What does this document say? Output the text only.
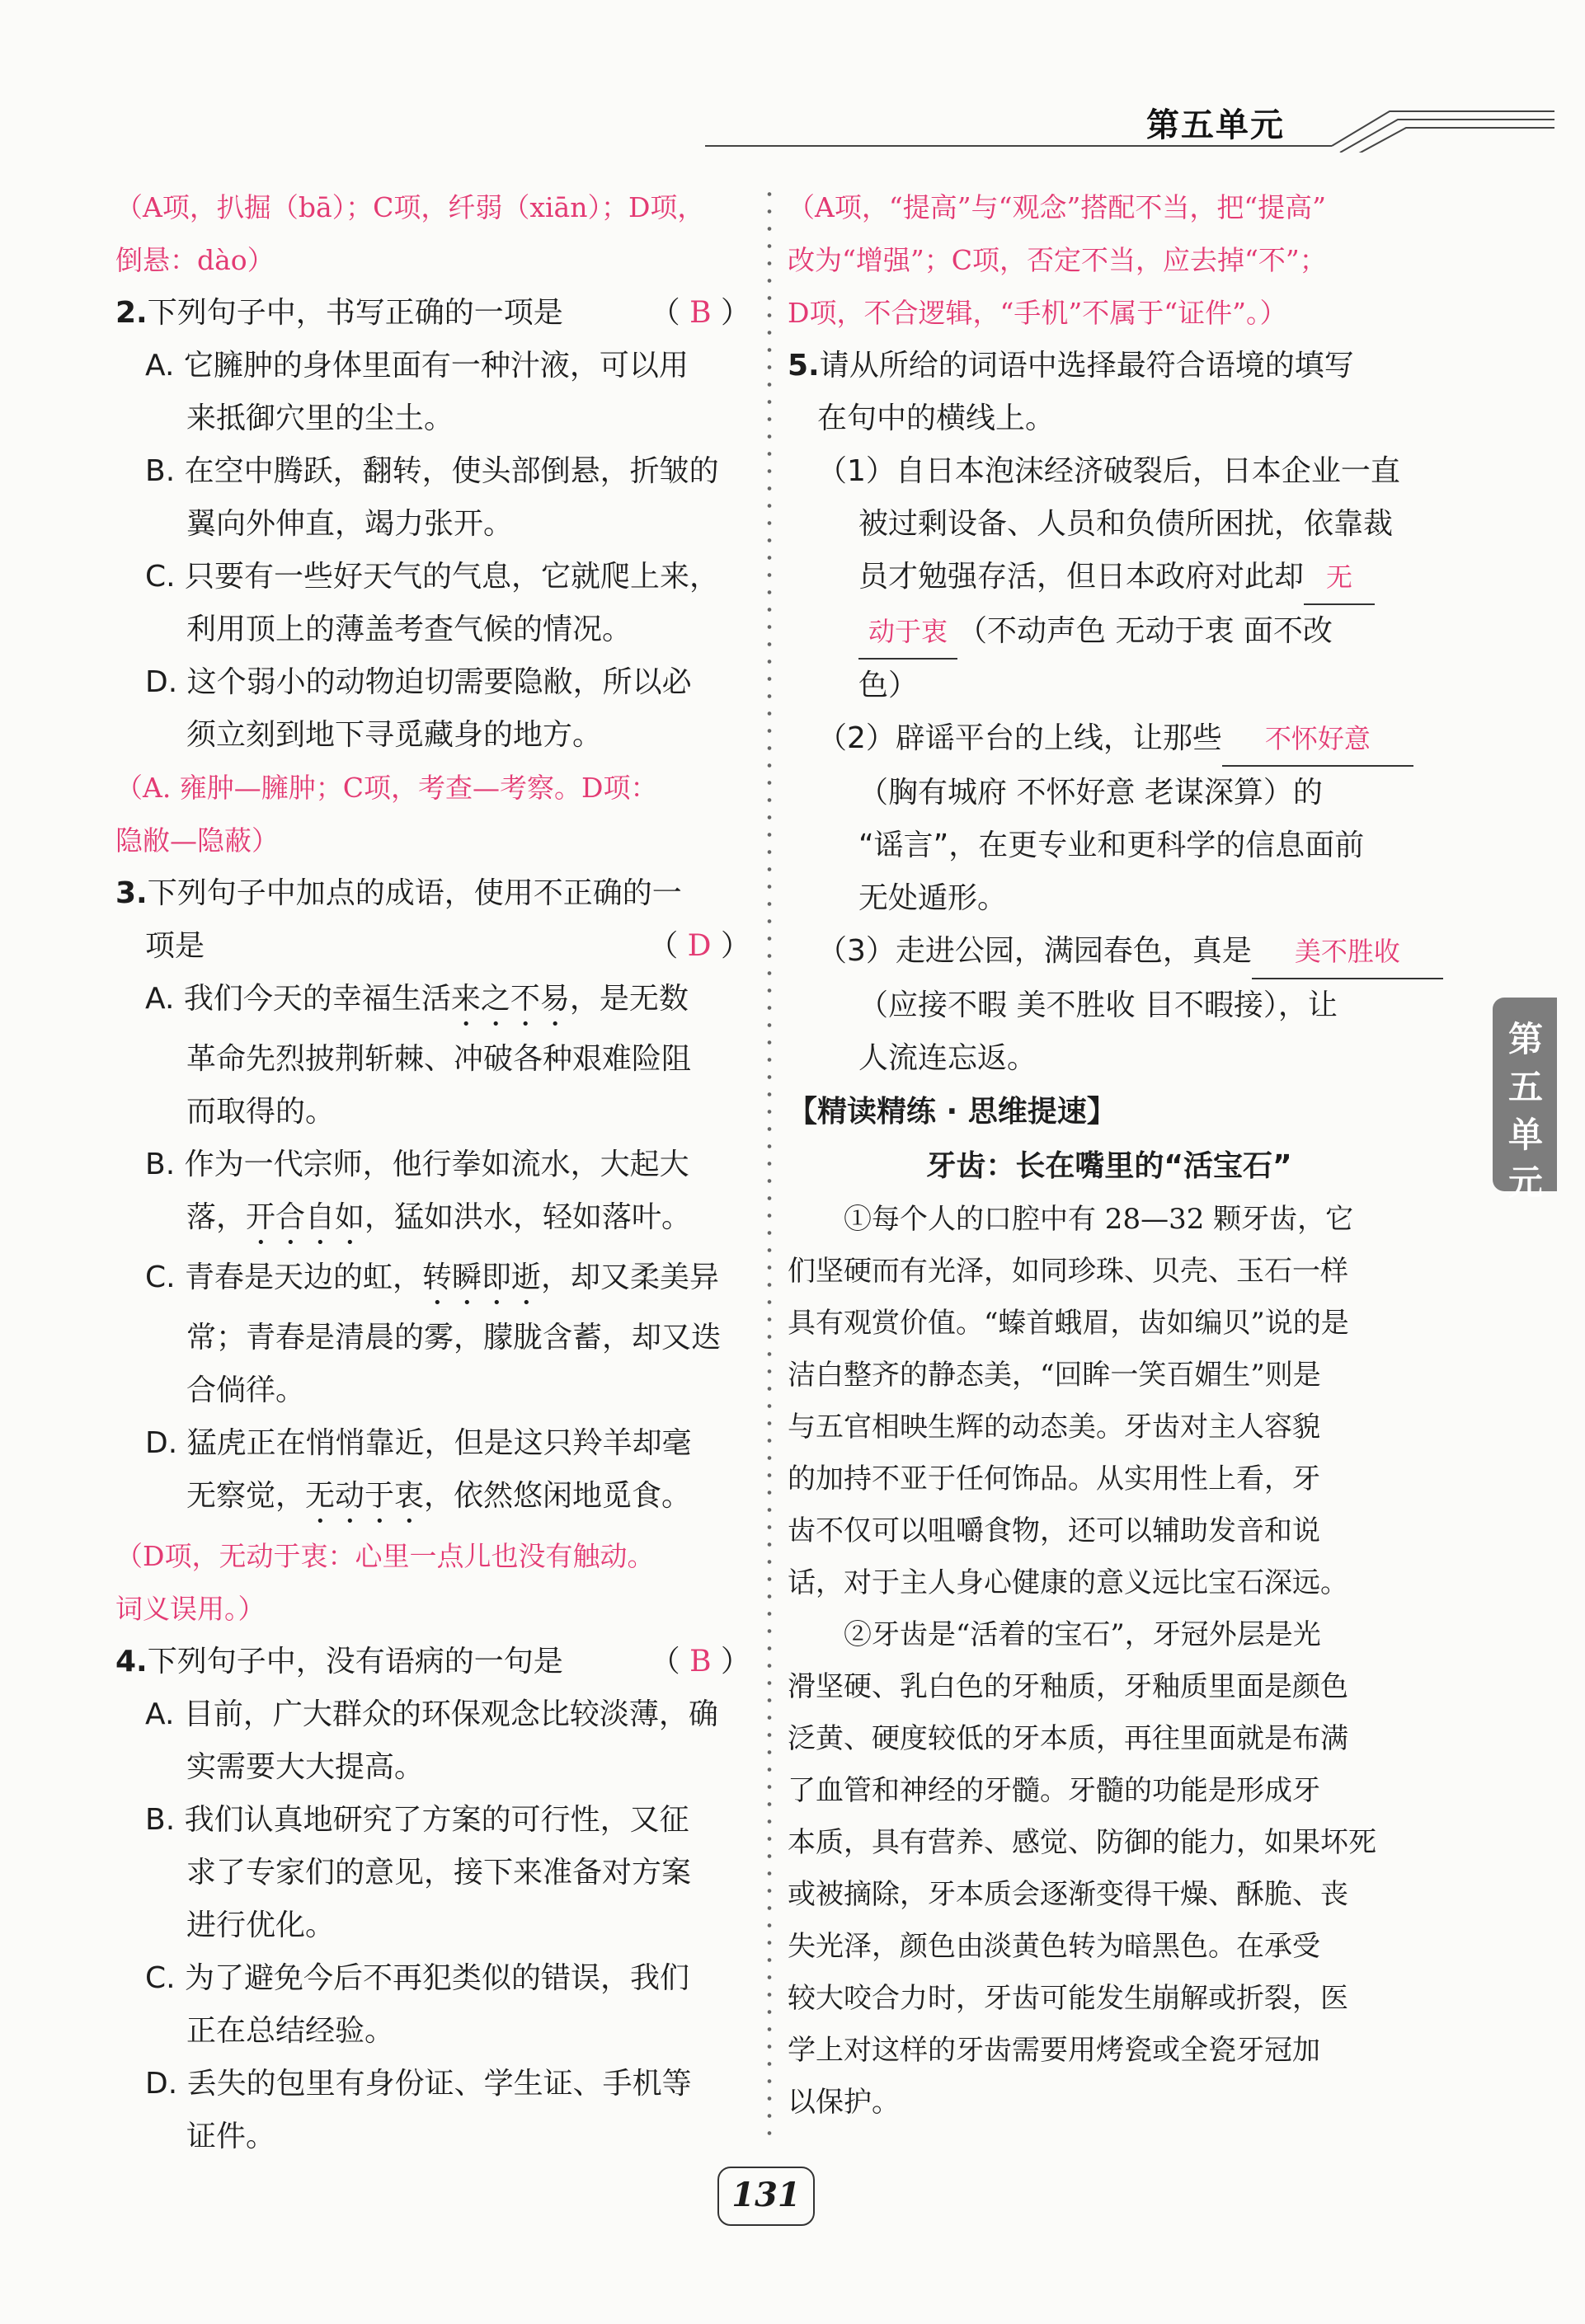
第五单元
（A项，扒掘（bā）；C项，纤弱（xiān）；D项，
倒悬：dào）
2.下列句子中，书写正确的一项是	（ B ）
A. 它臃肿的身体里面有一种汁液，可以用
来抵御穴里的尘土。
B. 在空中腾跃，翻转，使头部倒悬，折皱的
翼向外伸直，竭力张开。
C. 只要有一些好天气的气息，它就爬上来，
利用顶上的薄盖考查气候的情况。
D. 这个弱小的动物迫切需要隐敝，所以必
须立刻到地下寻觅藏身的地方。
（A. 雍肿—臃肿；C项，考查—考察。D项：
隐敝—隐蔽）
3.下列句子中加点的成语，使用不正确的一
项是	（ D ）
A. 我们今天的幸福生活来之不易，是无数
革命先烈披荆斩棘、冲破各种艰难险阻
而取得的。
B. 作为一代宗师，他行拳如流水，大起大
落，开合自如，猛如洪水，轻如落叶。
C. 青春是天边的虹，转瞬即逝，却又柔美异
常；青春是清晨的雾，朦胧含蓄，却又迭
合倘徉。
D. 猛虎正在悄悄靠近，但是这只羚羊却毫
无察觉，无动于衷，依然悠闲地觅食。
（D项，无动于衷：心里一点儿也没有触动。
词义误用。）
4.下列句子中，没有语病的一句是	（ B ）
A. 目前，广大群众的环保观念比较淡薄，确
实需要大大提高。
B. 我们认真地研究了方案的可行性，又征
求了专家们的意见，接下来准备对方案
进行优化。
C. 为了避免今后不再犯类似的错误，我们
正在总结经验。
D. 丢失的包里有身份证、学生证、手机等
证件。
（A项，“提高”与“观念”搭配不当，把“提高”
改为“增强”；C项，否定不当，应去掉“不”；
D项，不合逻辑，“手机”不属于“证件”。）
5.请从所给的词语中选择最符合语境的填写
在句中的横线上。
（1）自日本泡沫经济破裂后，日本企业一直
被过剩设备、人员和负债所困扰，依靠裁
员才勉强存活，但日本政府对此却 无
动于衷 （不动声色 无动于衷 面不改
色）
（2）辟谣平台的上线，让那些 不怀好意
（胸有城府 不怀好意 老谋深算）的
“谣言”，在更专业和更科学的信息面前
无处遁形。
（3）走进公园，满园春色，真是 美不胜收
（应接不暇 美不胜收 目不暇接），让
人流连忘返。
【精读精练 · 思维提速】
牙齿：长在嘴里的“活宝石”
①每个人的口腔中有 28—32 颗牙齿，它
们坚硬而有光泽，如同珍珠、贝壳、玉石一样
具有观赏价值。“螓首蛾眉，齿如编贝”说的是
洁白整齐的静态美，“回眸一笑百媚生”则是
与五官相映生辉的动态美。牙齿对主人容貌
的加持不亚于任何饰品。从实用性上看，牙
齿不仅可以咀嚼食物，还可以辅助发音和说
话，对于主人身心健康的意义远比宝石深远。
②牙齿是“活着的宝石”，牙冠外层是光
滑坚硬、乳白色的牙釉质，牙釉质里面是颜色
泛黄、硬度较低的牙本质，再往里面就是布满
了血管和神经的牙髓。牙髓的功能是形成牙
本质，具有营养、感觉、防御的能力，如果坏死
或被摘除，牙本质会逐渐变得干燥、酥脆、丧
失光泽，颜色由淡黄色转为暗黑色。在承受
较大咬合力时，牙齿可能发生崩解或折裂，医
学上对这样的牙齿需要用烤瓷或全瓷牙冠加
以保护。
第五单元
131
